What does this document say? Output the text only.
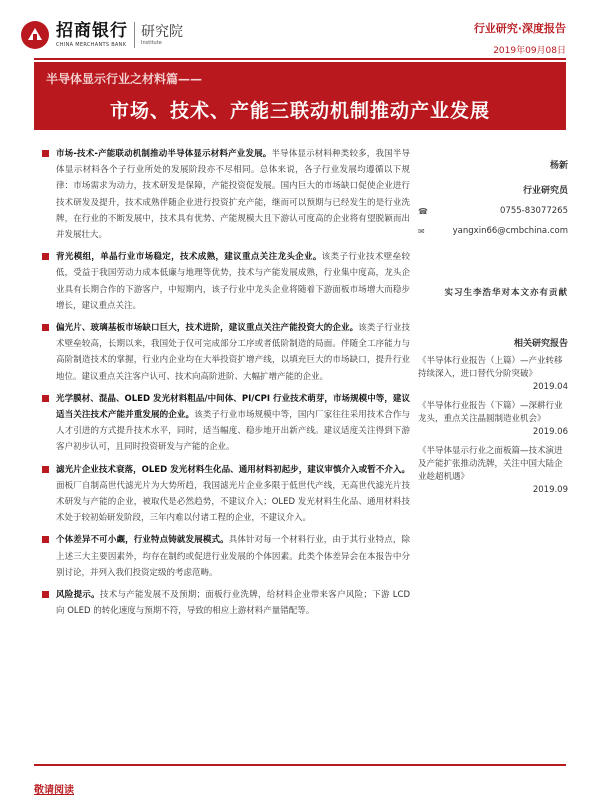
招商银行
CHINA MERCHANTS BANK
研究院
Institute
行业研究·深度报告
2019年09月08日
半导体显示行业之材料篇——
市场、技术、产能三联动机制推动产业发展
市场-技术-产能联动机制推动半导体显示材料产业发展。半导体显示材料种类较多，我国半导体显示材料各个子行业所处的发展阶段亦不尽相同。总体来说，各子行业发展均遵循以下规律：市场需求为动力，技术研发是保障，产能投资促发展。国内巨大的市场缺口促使企业进行技术研发及提升，技术成熟伴随企业进行投资扩充产能，继而可以预期与已经发生的是行业洗牌，在行业的不断发展中，技术具有优势、产能规模大且下游认可度高的企业将有望脱颖而出并发展壮大。
背光模组，单晶行业市场稳定，技术成熟，建议重点关注龙头企业。该类子行业技术壁垒较低，受益于我国劳动力成本低廉与地理等优势，技术与产能发展成熟，行业集中度高，龙头企业具有长期合作的下游客户，中短期内，该子行业中龙头企业将随着下游面板市场增大而稳步增长，建议重点关注。
偏光片、玻璃基板市场缺口巨大，技术进阶，建议重点关注产能投资大的企业。该类子行业技术壁垒较高，长期以来，我国处于仅可完成部分工序或者低阶制造的局面。伴随全工序能力与高阶制造技术的掌握，行业内企业均在大举投资扩增产线，以填充巨大的市场缺口，提升行业地位。建议重点关注客户认可、技术向高阶进阶、大幅扩增产能的企业。
光学膜材、混晶、OLED 发光材料粗品/中间体、PI/CPI 行业技术萌芽，市场规模中等，建议适当关注技术产能并重发展的企业。该类子行业市场规模中等，国内厂家往往采用技术合作与人才引进的方式提升技术水平，同时，适当幅度、稳步地开出新产线。建议适度关注得到下游客户初步认可，且同时投资研发与产能的企业。
滤光片企业技术衰落，OLED 发光材料生化品、通用材料初起步，建议审慎介入或暂不介入。面板厂自制高世代滤光片为大势所趋，我国滤光片企业多限于低世代产线，无高世代滤光片技术研发与产能的企业，被取代是必然趋势，不建议介入；OLED 发光材料生化品、通用材料技术处于较初始研发阶段，三年内难以付诸工程的企业，不建议介入。
个体差异不可小觑，行业特点铸就发展模式。具体针对每一个材料行业，由于其行业特点，除上述三大主要因素外，均存在制约或促进行业发展的个体因素。此类个体差异会在本报告中分别讨论，并列入我们投资定级的考虑范畴。
风险提示。技术与产能发展不及预期；面板行业洗牌，给材料企业带来客户风险；下游 LCD 向 OLED 的转化速度与预期不符，导致的相应上游材料产量错配等。
杨新
行业研究员
☎	0755-83077265
✉	yangxin66@cmbchina.com
实习生李浩华对本文亦有贡献
相关研究报告
《半导体行业报告（上篇）—产业转移持续深入，进口替代分阶突破》
2019.04
《半导体行业报告（下篇）—深耕行业龙头，重点关注晶圆制造业机会》
2019.06
《半导体显示行业之面板篇—技术演进及产能扩张推动洗牌，关注中国大陆企业趁超机遇》
2019.09
敬请阅读
